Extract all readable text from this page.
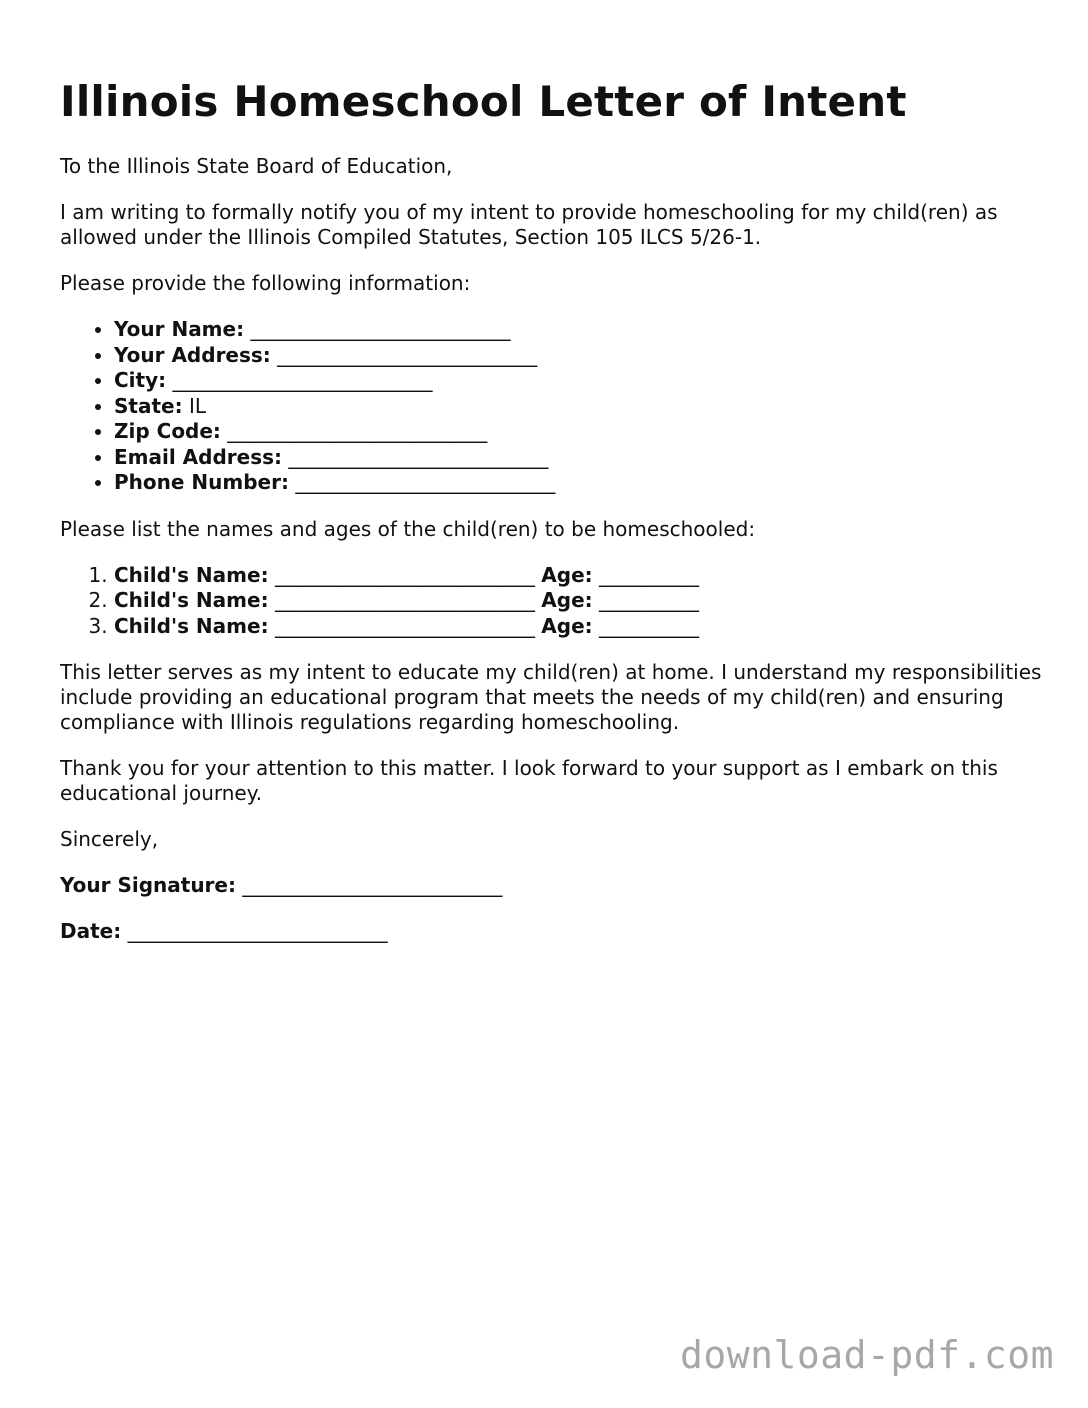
Illinois Homeschool Letter of Intent

To the Illinois State Board of Education,

I am writing to formally notify you of my intent to provide homeschooling for my child(ren) as allowed under the Illinois Compiled Statutes, Section 105 ILCS 5/26-1.

Please provide the following information:

• Your Name: __________________________
• Your Address: __________________________
• City: __________________________
• State: IL
• Zip Code: __________________________
• Email Address: __________________________
• Phone Number: __________________________

Please list the names and ages of the child(ren) to be homeschooled:

1. Child's Name: __________________________ Age: __________
2. Child's Name: __________________________ Age: __________
3. Child's Name: __________________________ Age: __________

This letter serves as my intent to educate my child(ren) at home. I understand my responsibilities include providing an educational program that meets the needs of my child(ren) and ensuring compliance with Illinois regulations regarding homeschooling.

Thank you for your attention to this matter. I look forward to your support as I embark on this educational journey.

Sincerely,

Your Signature: __________________________

Date: __________________________

download-pdf.com
